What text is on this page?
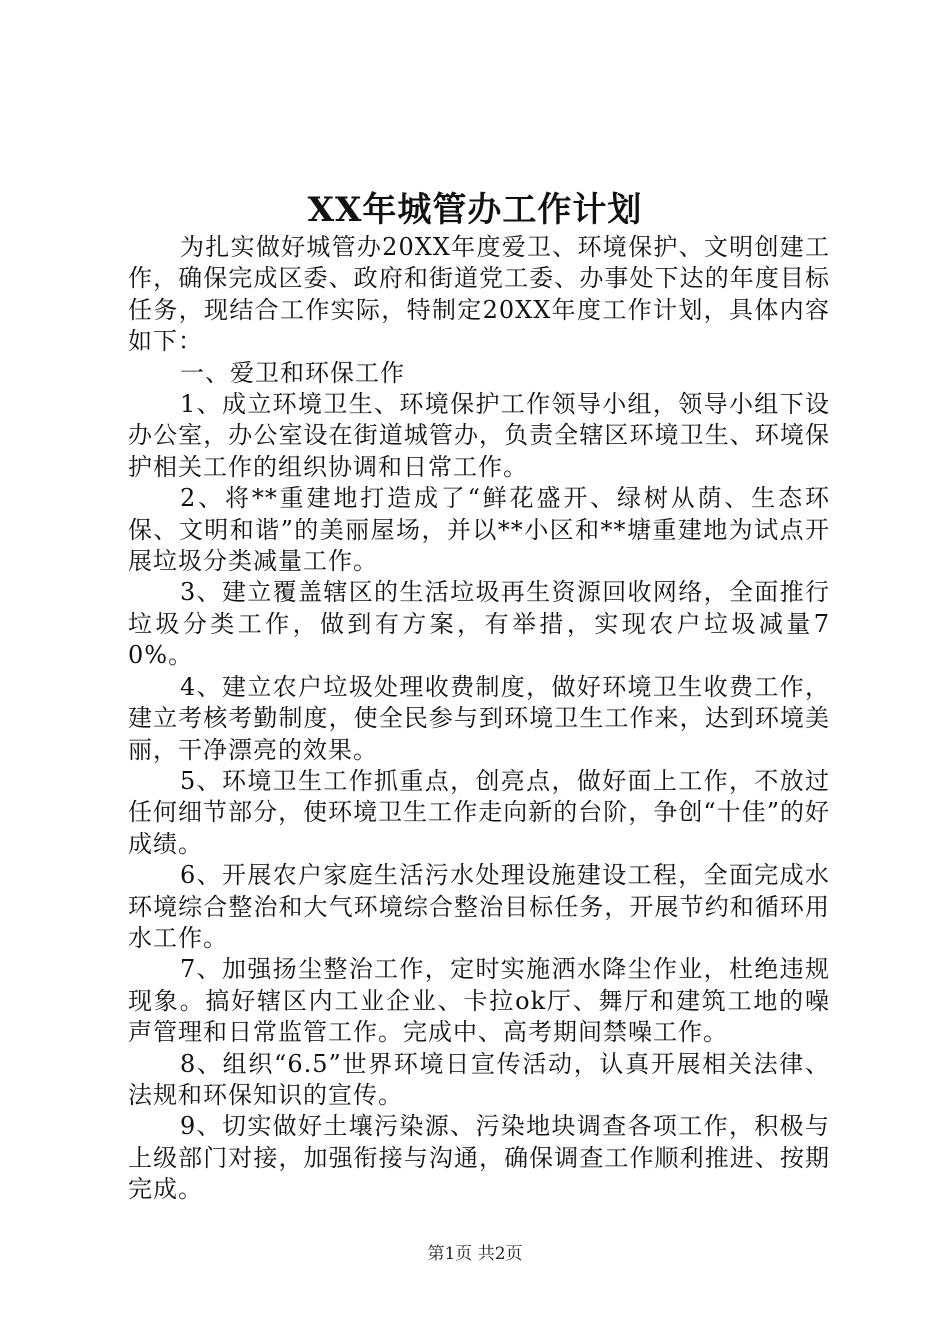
XX年城管办工作计划

为扎实做好城管办20XX年度爱卫、环境保护、文明创建工作，确保完成区委、政府和街道党工委、办事处下达的年度目标任务，现结合工作实际，特制定20XX年度工作计划，具体内容如下：

一、爱卫和环保工作

1、成立环境卫生、环境保护工作领导小组，领导小组下设办公室，办公室设在街道城管办，负责全辖区环境卫生、环境保护相关工作的组织协调和日常工作。

2、将**重建地打造成了“鲜花盛开、绿树从荫、生态环保、文明和谐”的美丽屋场，并以**小区和**塘重建地为试点开展垃圾分类减量工作。

3、建立覆盖辖区的生活垃圾再生资源回收网络，全面推行垃圾分类工作，做到有方案，有举措，实现农户垃圾减量70%。

4、建立农户垃圾处理收费制度，做好环境卫生收费工作，建立考核考勤制度，使全民参与到环境卫生工作来，达到环境美丽，干净漂亮的效果。

5、环境卫生工作抓重点，创亮点，做好面上工作，不放过任何细节部分，使环境卫生工作走向新的台阶，争创“十佳”的好成绩。

6、开展农户家庭生活污水处理设施建设工程，全面完成水环境综合整治和大气环境综合整治目标任务，开展节约和循环用水工作。

7、加强扬尘整治工作，定时实施洒水降尘作业，杜绝违规现象。搞好辖区内工业企业、卡拉ok厅、舞厅和建筑工地的噪声管理和日常监管工作。完成中、高考期间禁噪工作。

8、组织“6.5”世界环境日宣传活动，认真开展相关法律、法规和环保知识的宣传。

9、切实做好土壤污染源、污染地块调查各项工作，积极与上级部门对接，加强衔接与沟通，确保调查工作顺利推进、按期完成。

第1页 共2页
